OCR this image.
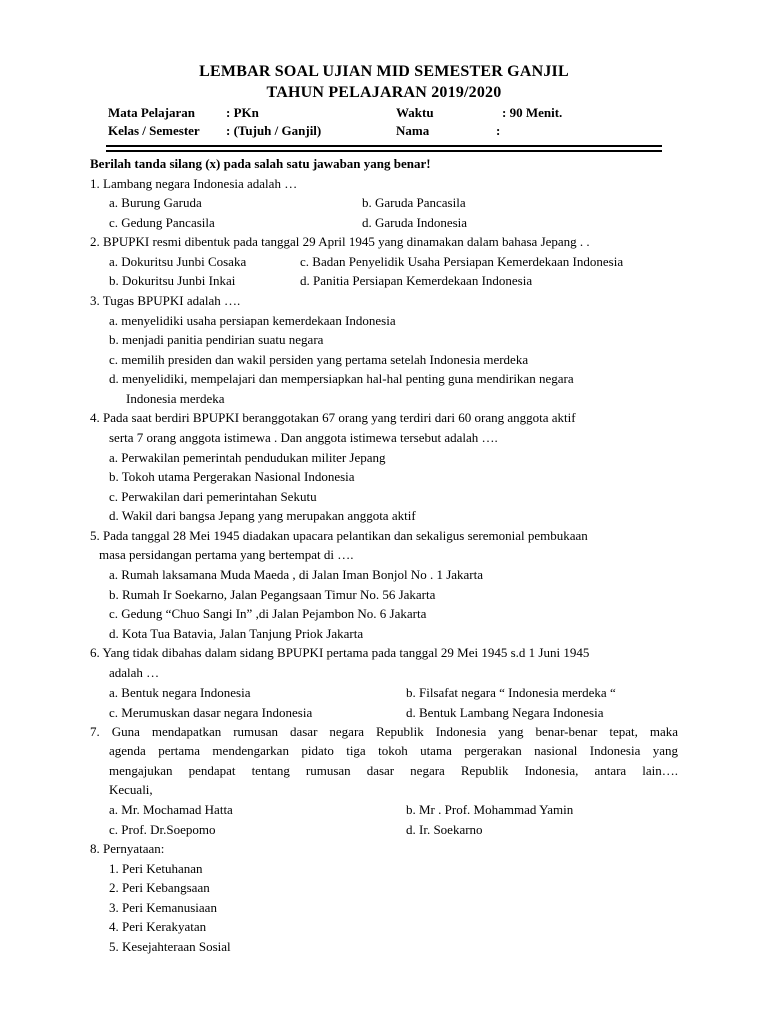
LEMBAR SOAL UJIAN MID SEMESTER GANJIL
TAHUN PELAJARAN 2019/2020
Mata Pelajaran : PKn	Waktu	: 90 Menit.
Kelas / Semester : (Tujuh / Ganjil)	Nama	:
Berilah tanda silang (x) pada salah satu jawaban yang benar!
1. Lambang negara Indonesia adalah …
a. Burung Garuda	b. Garuda Pancasila
c. Gedung Pancasila	d. Garuda Indonesia
2. BPUPKI resmi dibentuk pada tanggal 29 April 1945 yang dinamakan dalam bahasa Jepang . .
a. Dokuritsu Junbi Cosaka	c. Badan Penyelidik Usaha Persiapan Kemerdekaan Indonesia
b. Dokuritsu Junbi Inkai	d. Panitia Persiapan Kemerdekaan Indonesia
3. Tugas BPUPKI adalah ….
a. menyelidiki usaha persiapan kemerdekaan Indonesia
b. menjadi panitia pendirian suatu negara
c. memilih presiden dan wakil persiden yang pertama setelah Indonesia merdeka
d. menyelidiki, mempelajari dan mempersiapkan hal-hal penting guna mendirikan negara
Indonesia merdeka
4. Pada saat berdiri BPUPKI beranggotakan 67 orang yang terdiri dari 60 orang anggota aktif
serta 7 orang anggota istimewa . Dan anggota istimewa tersebut adalah ….
a. Perwakilan pemerintah pendudukan militer Jepang
b. Tokoh utama Pergerakan Nasional Indonesia
c. Perwakilan dari pemerintahan Sekutu
d. Wakil dari bangsa Jepang yang merupakan anggota aktif
5. Pada tanggal 28 Mei 1945 diadakan upacara pelantikan dan sekaligus seremonial pembukaan
masa persidangan pertama yang bertempat di ….
a. Rumah laksamana Muda Maeda , di Jalan Iman Bonjol No . 1 Jakarta
b. Rumah Ir Soekarno, Jalan Pegangsaan Timur No. 56 Jakarta
c. Gedung “Chuo Sangi In” ,di Jalan Pejambon No. 6 Jakarta
d. Kota Tua Batavia, Jalan Tanjung Priok Jakarta
6. Yang tidak dibahas dalam sidang BPUPKI pertama pada tanggal 29 Mei 1945 s.d 1 Juni 1945
adalah …
a. Bentuk negara Indonesia	b. Filsafat negara “ Indonesia merdeka “
c. Merumuskan dasar negara Indonesia	d. Bentuk Lambang Negara Indonesia
7. Guna mendapatkan rumusan dasar negara Republik Indonesia yang benar-benar tepat, maka
agenda pertama mendengarkan pidato tiga tokoh utama pergerakan nasional Indonesia yang
mengajukan pendapat tentang rumusan dasar negara Republik Indonesia, antara lain….
Kecuali,
a. Mr. Mochamad Hatta	b. Mr . Prof. Mohammad Yamin
c. Prof. Dr.Soepomo	d. Ir. Soekarno
8. Pernyataan:
1. Peri Ketuhanan
2. Peri Kebangsaan
3. Peri Kemanusiaan
4. Peri Kerakyatan
5. Kesejahteraan Sosial
